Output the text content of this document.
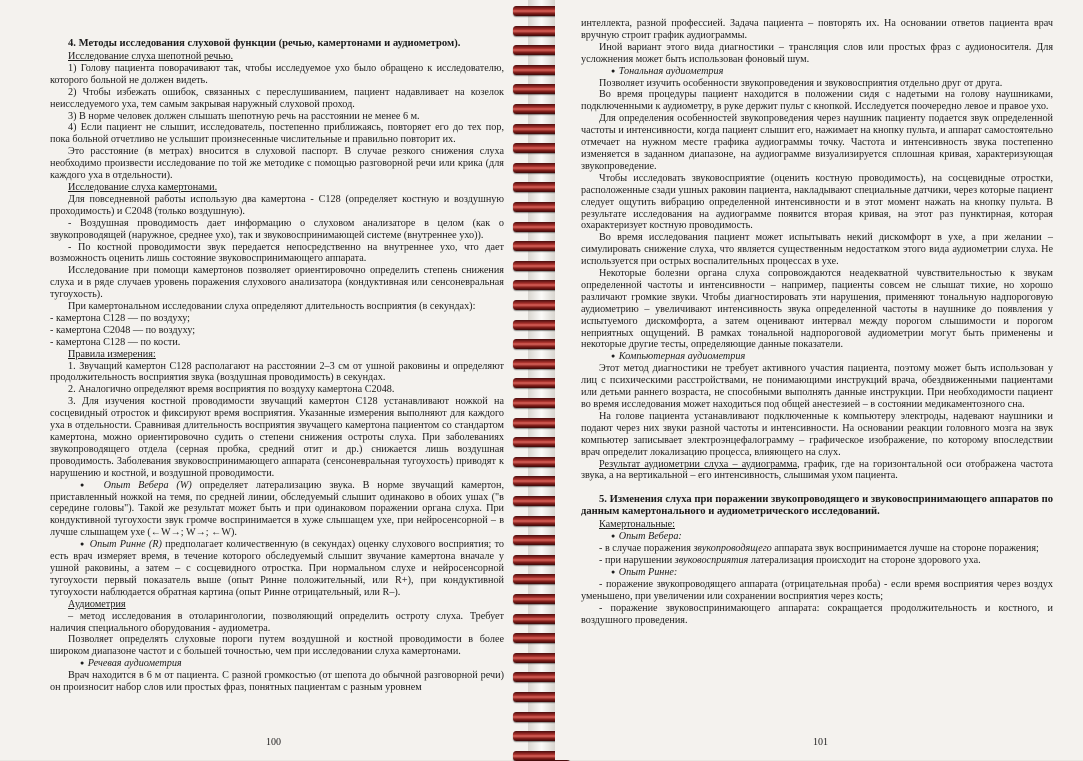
4. Методы исследования слуховой функции (речью, камертонами и аудиометром).

Исследование слуха шепотной речью.

1) Голову пациента поворачивают так, чтобы исследуемое ухо было обращено к исследователю, которого больной не должен видеть.

2) Чтобы избежать ошибок, связанных с переслушиванием, пациент надавливает на козелок неисследуемого уха, тем самым закрывая наружный слуховой проход.

3) В норме человек должен слышать шепотную речь на расстоянии не менее 6 м.

4) Если пациент не слышит, исследователь, постепенно приближаясь, повторяет его до тех пор, пока больной отчетливо не услышит произнесенные числительные и правильно повторит их.

Это расстояние (в метрах) вносится в слуховой паспорт. В случае резкого снижения слуха необходимо произвести исследование по той же методике с помощью разговорной речи или крика (для каждого уха в отдельности).

Исследование слуха камертонами.

Для повседневной работы использую два камертона - С128 (определяет костную и воздушную проходимость) и С2048 (только воздушную).

- Воздушная проводимость дает информацию о слуховом анализаторе в целом (как о звукопроводящей (наружное, среднее ухо), так и звуковоспринимающей системе (внутреннее ухо)).

- По костной проводимости звук передается непосредственно на внутреннее ухо, что дает возможность оценить лишь состояние звуковоспринимающего аппарата.

Исследование при помощи камертонов позволяет ориентировочно определить степень снижения слуха и в ряде случаев уровень поражения слухового анализатора (кондуктивная или сенсоневральная тугоухость).

При камертональном исследовании слуха определяют длительность восприятия (в секундах):

- камертона С128 — по воздуху;

- камертона С2048 — по воздуху;

- камертона С128 — по кости.

Правила измерения:

1. Звучащий камертон С128 располагают на расстоянии 2–3 см от ушной раковины и определяют продолжительность восприятия звука (воздушная проводимость) в секундах.

2. Аналогично определяют время восприятия по воздуху камертона С2048.

3. Для изучения костной проводимости звучащий камертон С128 устанавливают ножкой на сосцевидный отросток и фиксируют время восприятия. Указанные измерения выполняют для каждого уха в отдельности. Сравнивая длительность восприятия звучащего камертона пациентом со стандартом камертона, можно ориентировочно судить о степени снижения остроты слуха. При заболеваниях звукопроводящего отдела (серная пробка, средний отит и др.) снижается лишь воздушная проводимость. Заболевания звуковоспринимающего аппарата (сенсоневральная тугоухость) приводят к нарушению и костной, и воздушной проводимости.

●  Опыт Вебера (W) определяет латерализацию звука. В норме звучащий камертон, приставленный ножкой на темя, по средней линии, обследуемый слышит одинаково в обоих ушах ("в середине головы"). Такой же результат может быть и при одинаковом поражении органа слуха. При кондуктивной тугоухости звук громче воспринимается в хуже слышащем ухе, при нейросенсорной – в лучше слышащем ухе (←W→; W→; ←W).

●  Опыт Ринне (R) предполагает количественную (в секундах) оценку слухового восприятия; то есть врач измеряет время, в течение которого обследуемый слышит звучание камертона вначале у ушной раковины, а затем – с сосцевидного отростка. При нормальном слухе и нейросенсорной тугоухости первый показатель выше (опыт Ринне положительный, или R+), при кондуктивной тугоухости наблюдается обратная картина (опыт Ринне отрицательный, или R–).

Аудиометрия

– метод исследования в отоларингологии, позволяющий определить остроту слуха. Требует наличия специального оборудования - аудиометра.

Позволяет определять слуховые пороги путем воздушной и костной проводимости в более широком диапазоне частот и с большей точностью, чем при исследовании слуха камертонами.

●  Речевая аудиометрия

Врач находится в 6 м от пациента. С разной громкостью (от шепота до обычной разговорной речи) он произносит набор слов или простых фраз, понятных пациентам с разным уровнем

100

интеллекта, разной профессией. Задача пациента – повторять их. На основании ответов пациента врач вручную строит график аудиограммы.

Иной вариант этого вида диагностики – трансляция слов или простых фраз с аудионосителя. Для усложнения может быть использован фоновый шум.

●  Тональная аудиометрия

Позволяет изучить особенности звукопроведения и звуковосприятия отдельно друг от друга.

Во время процедуры пациент находится в положении сидя с надетыми на голову наушниками, подключенными к аудиометру, в руке держит пульт с кнопкой. Исследуется поочередно левое и правое ухо.

Для определения особенностей звукопроведения через наушник пациенту подается звук определенной частоты и интенсивности, когда пациент слышит его, нажимает на кнопку пульта, и аппарат самостоятельно отмечает на нужном месте графика аудиограммы точку. Частота и интенсивность звука постепенно изменяется в заданном диапазоне, на аудиограмме визуализируется сплошная кривая, характеризующая звукопроведение.

Чтобы исследовать звуковосприятие (оценить костную проводимость), на сосцевидные отростки, расположенные сзади ушных раковин пациента, накладывают специальные датчики, через которые пациент следует ощутить вибрацию определенной интенсивности и в этот момент нажать на кнопку пульта. В результате исследования на аудиограмме появится вторая кривая, на этот раз пунктирная, которая охарактеризует костную проводимость.

Во время исследования пациент может испытывать некий дискомфорт в ухе, а при желании – симулировать снижение слуха, что является существенным недостатком этого вида аудиометрии слуха. Не используется при острых воспалительных процессах в ухе.

Некоторые болезни органа слуха сопровождаются неадекватной чувствительностью к звукам определенной частоты и интенсивности – например, пациенты совсем не слышат тихие, но хорошо различают громкие звуки. Чтобы диагностировать эти нарушения, применяют тональную надпороговую аудиометрию – увеличивают интенсивность звука определенной частоты в наушнике до появления у испытуемого дискомфорта, а затем оценивают интервал между порогом слышимости и порогом неприятных ощущений. В рамках тональной надпороговой аудиометрии могут быть применены и некоторые другие тесты, определяющие данные показатели.

●  Компьютерная аудиометрия

Этот метод диагностики не требует активного участия пациента, поэтому может быть использован у лиц с психическими расстройствами, не понимающими инструкций врача, обездвиженными пациентами или детьми раннего возраста, не способными выполнять данные инструкции. При необходимости пациент во время исследования может находиться под общей анестезией – в состоянии медикаментозного сна.

На голове пациента устанавливают подключенные к компьютеру электроды, надевают наушники и подают через них звуки разной частоты и интенсивности. На основании реакции головного мозга на звук компьютер записывает электроэнцефалограмму – графическое изображение, по которому впоследствии врач определит локализацию процесса, влияющего на слух.

Результат аудиометрии слуха – аудиограмма, график, где на горизонтальной оси отображена частота звука, а на вертикальной – его интенсивность, слышимая ухом пациента.

5. Изменения слуха при поражении звукопроводящего и звуковоспринимающего аппаратов по данным камертонального и аудиометрического исследований.

Камертональные:

●  Опыт Вебера:

- в случае поражения звукопроводящего аппарата звук воспринимается лучше на стороне поражения;

- при нарушении звуковосприятия латерализация происходит на стороне здорового уха.

●  Опыт Ринне:

- поражение звукопроводящего аппарата (отрицательная проба) - если время восприятия через воздух уменьшено, при увеличении или сохранении восприятия через кость;

- поражение звуковоспринимающего аппарата: сокращается продолжительность и костного, и воздушного проведения.

101
